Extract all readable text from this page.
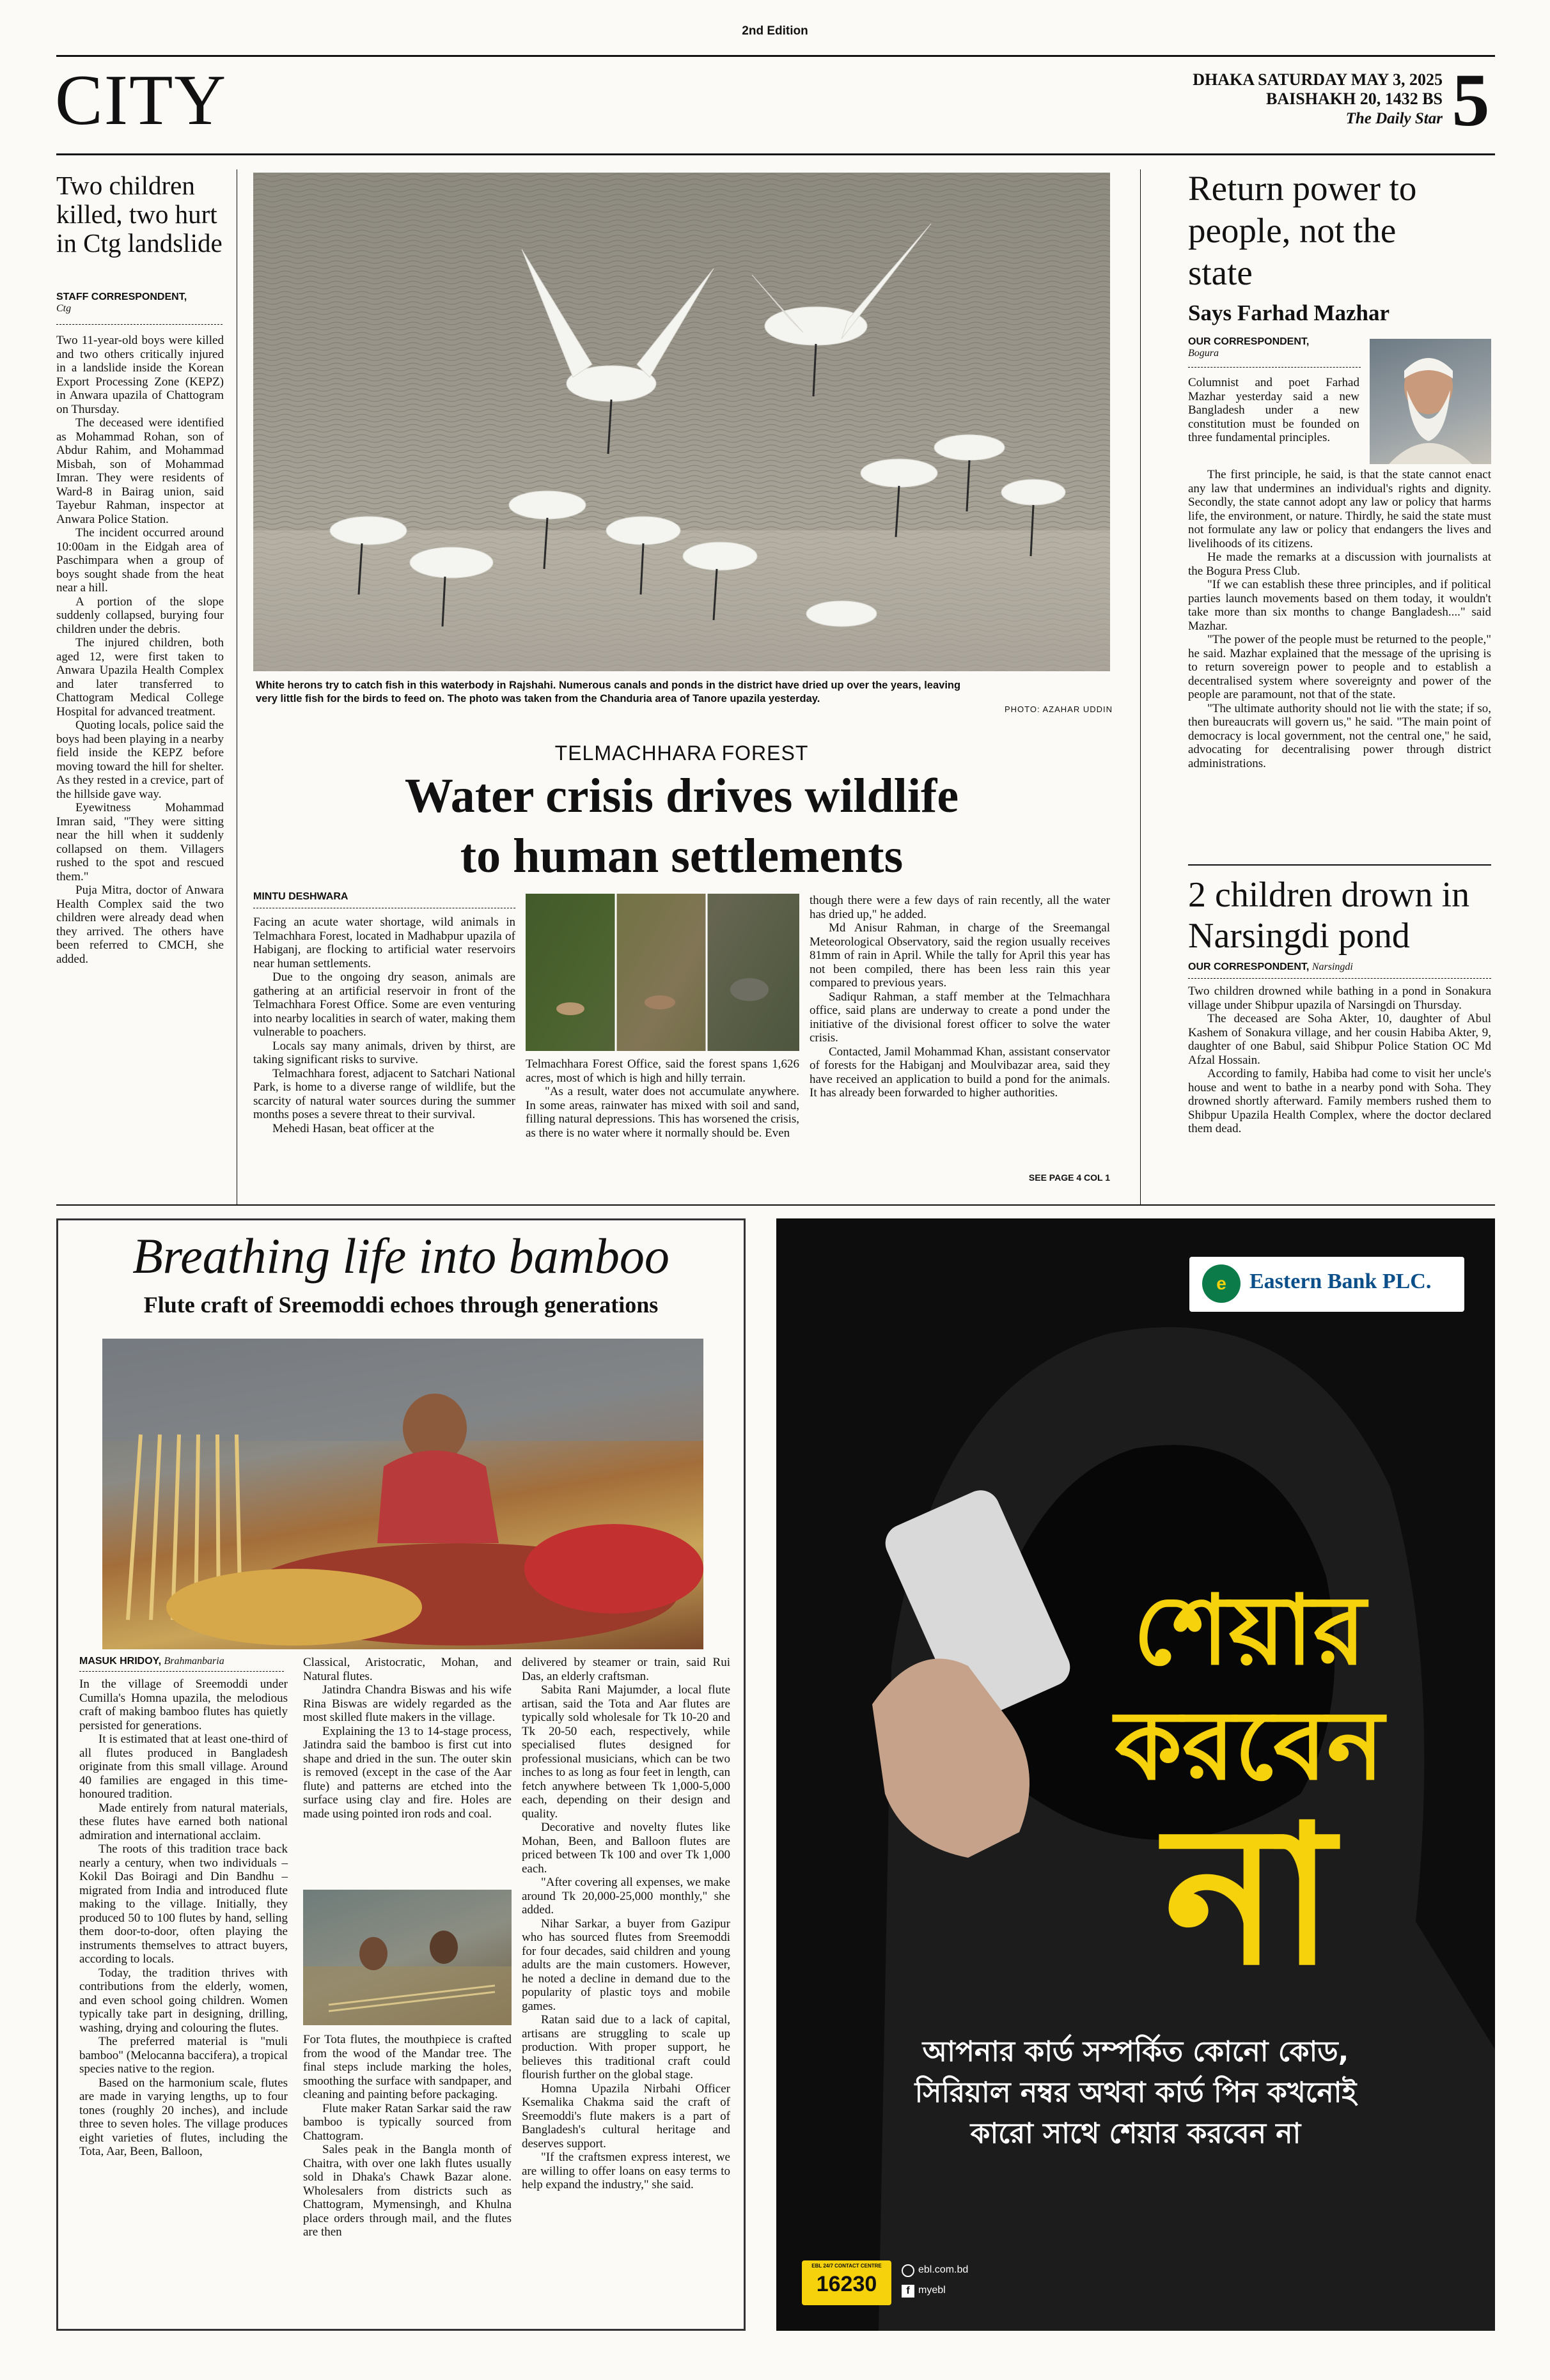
2nd Edition
CITY	DHAKA SATURDAY MAY 3, 2025
BAISHAKH 20, 1432 BS
The Daily Star 5
Two children killed, two hurt in Ctg landslide
STAFF CORRESPONDENT,
Ctg

Two 11-year-old boys were killed and two others critically injured in a landslide inside the Korean Export Processing Zone (KEPZ) in Anwara upazila of Chattogram on Thursday.

The deceased were identified as Mohammad Rohan, son of Abdur Rahim, and Mohammad Misbah, son of Mohammad Imran. They were residents of Ward-8 in Bairag union, said Tayebur Rahman, inspector at Anwara Police Station.

The incident occurred around 10:00am in the Eidgah area of Paschimpara when a group of boys sought shade from the heat near a hill.

A portion of the slope suddenly collapsed, burying four children under the debris.

The injured children, both aged 12, were first taken to Anwara Upazila Health Complex and later transferred to Chattogram Medical College Hospital for advanced treatment.

Quoting locals, police said the boys had been playing in a nearby field inside the KEPZ before moving toward the hill for shelter. As they rested in a crevice, part of the hillside gave way.

Eyewitness Mohammad Imran said, "They were sitting near the hill when it suddenly collapsed on them. Villagers rushed to the spot and rescued them."

Puja Mitra, doctor of Anwara Health Complex said the two children were already dead when they arrived. The others have been referred to CMCH, she added.

White herons try to catch fish in this waterbody in Rajshahi. Numerous canals and ponds in the district have dried up over the years, leaving very little fish for the birds to feed on. The photo was taken from the Chanduria area of Tanore upazila yesterday.
PHOTO: AZAHAR UDDIN
TELMACHHARA FOREST
Water crisis drives wildlife
to human settlements
MINTU DESHWARA

Facing an acute water shortage, wild animals in Telmachhara Forest, located in Madhabpur upazila of Habiganj, are flocking to artificial water reservoirs near human settlements.

Due to the ongoing dry season, animals are gathering at an artificial reservoir in front of the Telmachhara Forest Office. Some are even venturing into nearby localities in search of water, making them vulnerable to poachers.

Locals say many animals, driven by thirst, are taking significant risks to survive.

Telmachhara forest, adjacent to Satchari National Park, is home to a diverse range of wildlife, but the scarcity of natural water sources during the summer months poses a severe threat to their survival.

Mehedi Hasan, beat officer at the

Telmachhara Forest Office, said the forest spans 1,626 acres, most of which is high and hilly terrain.

"As a result, water does not accumulate anywhere. In some areas, rainwater has mixed with soil and sand, filling natural depressions. This has worsened the crisis, as there is no water where it normally should be. Even

though there were a few days of rain recently, all the water has dried up," he added.

Md Anisur Rahman, in charge of the Sreemangal Meteorological Observatory, said the region usually receives 81mm of rain in April. While the tally for April this year has not been compiled, there has been less rain this year compared to previous years.

Sadiqur Rahman, a staff member at the Telmachhara office, said plans are underway to create a pond under the initiative of the divisional forest officer to solve the water crisis.

Contacted, Jamil Mohammad Khan, assistant conservator of forests for the Habiganj and Moulvibazar area, said they have received an application to build a pond for the animals. It has already been forwarded to higher authorities.

SEE PAGE 4 COL 1
Return power to people, not the state
Says Farhad Mazhar
OUR CORRESPONDENT,
Bogura
Columnist and poet Farhad Mazhar yesterday said a new Bangladesh under a new constitution must be founded on three fundamental principles.

The first principle, he said, is that the state cannot enact any law that undermines an individual's rights and dignity. Secondly, the state cannot adopt any law or policy that harms life, the environment, or nature. Thirdly, he said the state must not formulate any law or policy that endangers the lives and livelihoods of its citizens.

He made the remarks at a discussion with journalists at the Bogura Press Club.

"If we can establish these three principles, and if political parties launch movements based on them today, it wouldn't take more than six months to change Bangladesh...." said Mazhar.

"The power of the people must be returned to the people," he said. Mazhar explained that the message of the uprising is to return sovereign power to people and to establish a decentralised system where sovereignty and power of the people are paramount, not that of the state.

"The ultimate authority should not lie with the state; if so, then bureaucrats will govern us," he said. "The main point of democracy is local government, not the central one," he said, advocating for decentralising power through district administrations.

2 children drown in Narsingdi pond
OUR CORRESPONDENT, Narsingdi

Two children drowned while bathing in a pond in Sonakura village under Shibpur upazila of Narsingdi on Thursday.

The deceased are Soha Akter, 10, daughter of Abul Kashem of Sonakura village, and her cousin Habiba Akter, 9, daughter of one Babul, said Shibpur Police Station OC Md Afzal Hossain.

According to family, Habiba had come to visit her uncle's house and went to bathe in a nearby pond with Soha. They drowned shortly afterward. Family members rushed them to Shibpur Upazila Health Complex, where the doctor declared them dead.

Breathing life into bamboo
Flute craft of Sreemoddi echoes through generations
MASUK HRIDOY, Brahmanbaria

In the village of Sreemoddi under Cumilla's Homna upazila, the melodious craft of making bamboo flutes has quietly persisted for generations.

It is estimated that at least one-third of all flutes produced in Bangladesh originate from this small village. Around 40 families are engaged in this time-honoured tradition.

Made entirely from natural materials, these flutes have earned both national admiration and international acclaim.

The roots of this tradition trace back nearly a century, when two individuals – Kokil Das Boiragi and Din Bandhu – migrated from India and introduced flute making to the village. Initially, they produced 50 to 100 flutes by hand, selling them door-to-door, often playing the instruments themselves to attract buyers, according to locals.

Today, the tradition thrives with contributions from the elderly, women, and even school going children. Women typically take part in designing, drilling, washing, drying and colouring the flutes.

The preferred material is "muli bamboo" (Melocanna baccifera), a tropical species native to the region.

Based on the harmonium scale, flutes are made in varying lengths, up to four tones (roughly 20 inches), and include three to seven holes. The village produces eight varieties of flutes, including the Tota, Aar, Been, Balloon,

Classical, Aristocratic, Mohan, and Natural flutes.

Jatindra Chandra Biswas and his wife Rina Biswas are widely regarded as the most skilled flute makers in the village.

Explaining the 13 to 14-stage process, Jatindra said the bamboo is first cut into shape and dried in the sun. The outer skin is removed (except in the case of the Aar flute) and patterns are etched into the surface using clay and fire. Holes are made using pointed iron rods and coal.

For Tota flutes, the mouthpiece is crafted from the wood of the Mandar tree. The final steps include marking the holes, smoothing the surface with sandpaper, and cleaning and painting before packaging.

Flute maker Ratan Sarkar said the raw bamboo is typically sourced from Chattogram.

Sales peak in the Bangla month of Chaitra, with over one lakh flutes usually sold in Dhaka's Chawk Bazar alone. Wholesalers from districts such as Chattogram, Mymensingh, and Khulna place orders through mail, and the flutes are then

delivered by steamer or train, said Rui Das, an elderly craftsman.

Sabita Rani Majumder, a local flute artisan, said the Tota and Aar flutes are typically sold wholesale for Tk 10-20 and Tk 20-50 each, respectively, while specialised flutes designed for professional musicians, which can be two inches to as long as four feet in length, can fetch anywhere between Tk 1,000-5,000 each, depending on their design and quality.

Decorative and novelty flutes like Mohan, Been, and Balloon flutes are priced between Tk 100 and over Tk 1,000 each.

"After covering all expenses, we make around Tk 20,000-25,000 monthly," she added.

Nihar Sarkar, a buyer from Gazipur who has sourced flutes from Sreemoddi for four decades, said children and young adults are the main customers. However, he noted a decline in demand due to the popularity of plastic toys and mobile games.

Ratan said due to a lack of capital, artisans are struggling to scale up production. With proper support, he believes this traditional craft could flourish further on the global stage.

Homna Upazila Nirbahi Officer Ksemalika Chakma said the craft of Sreemoddi's flute makers is a part of Bangladesh's cultural heritage and deserves support.

"If the craftsmen express interest, we are willing to offer loans on easy terms to help expand the industry," she said.

e	Eastern Bank PLC.
শেয়ার
করবেন
না
আপনার কার্ড সম্পর্কিত কোনো কোড,
সিরিয়াল নম্বর অথবা কার্ড পিন কখনোই
কারো সাথে শেয়ার করবেন না
EBL 24/7 CONTACT CENTRE
16230
ebl.com.bd
f myebl
